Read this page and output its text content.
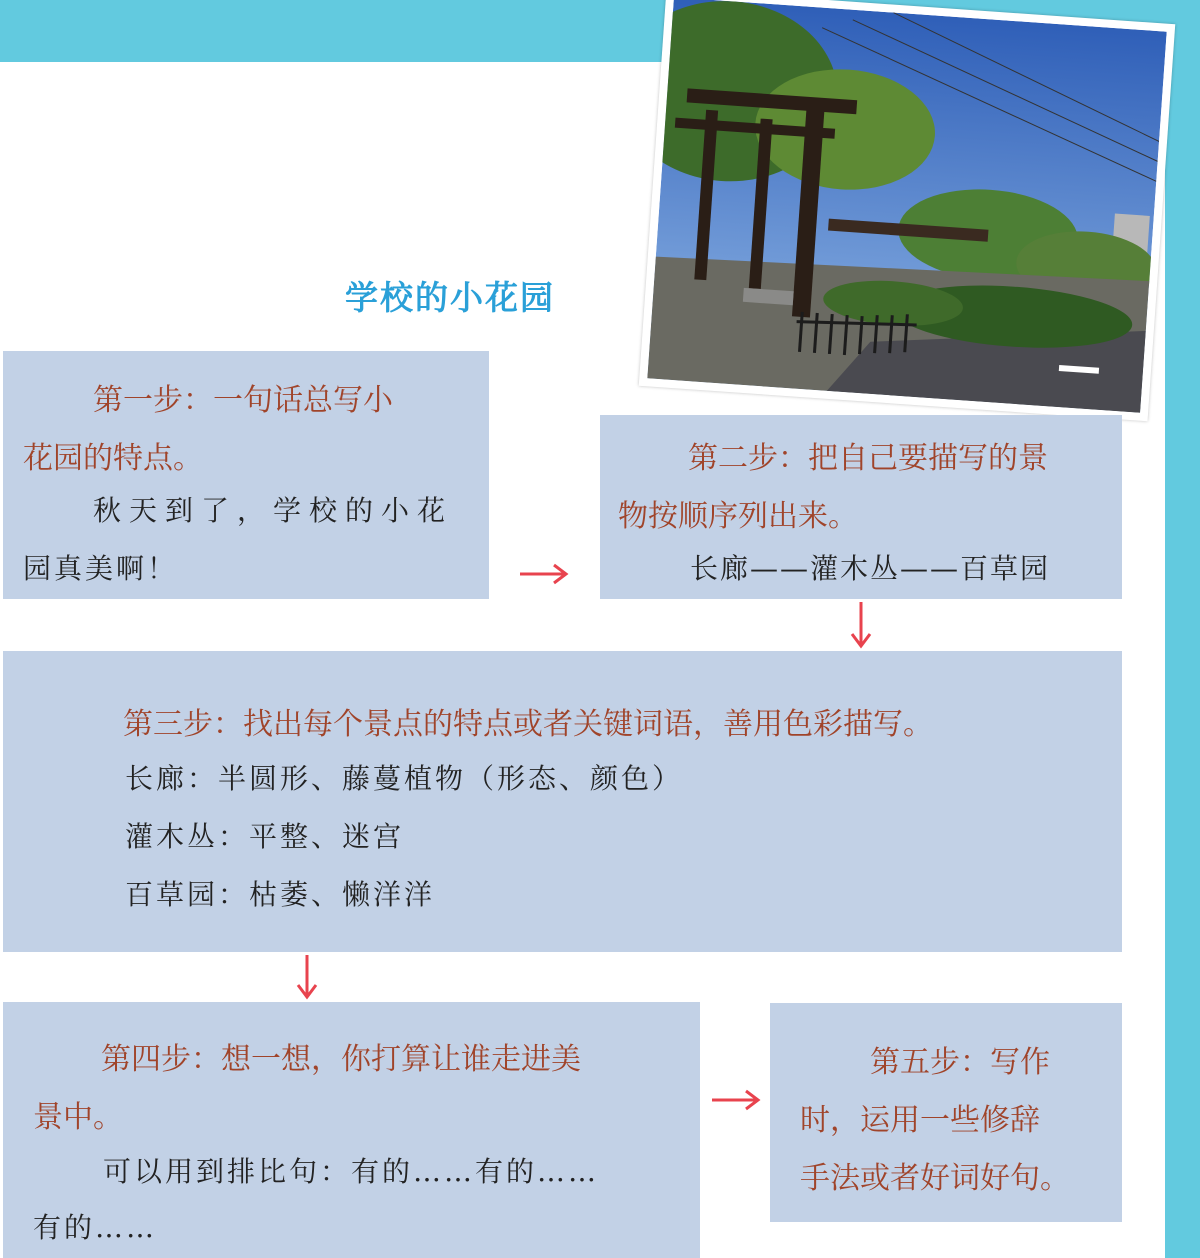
学校的小花园
第一步：一句话总写小
花园的特点。
秋天到了，学校的小花
园真美啊！
第二步：把自己要描写的景
物按顺序列出来。
长廊——灌木丛——百草园
第三步：找出每个景点的特点或者关键词语，善用色彩描写。
长廊：半圆形、藤蔓植物（形态、颜色）
灌木丛：平整、迷宫
百草园：枯萎、懒洋洋
第四步：想一想，你打算让谁走进美
景中。
可以用到排比句：有的……有的……
有的……
第五步：写作
时，运用一些修辞
手法或者好词好句。
